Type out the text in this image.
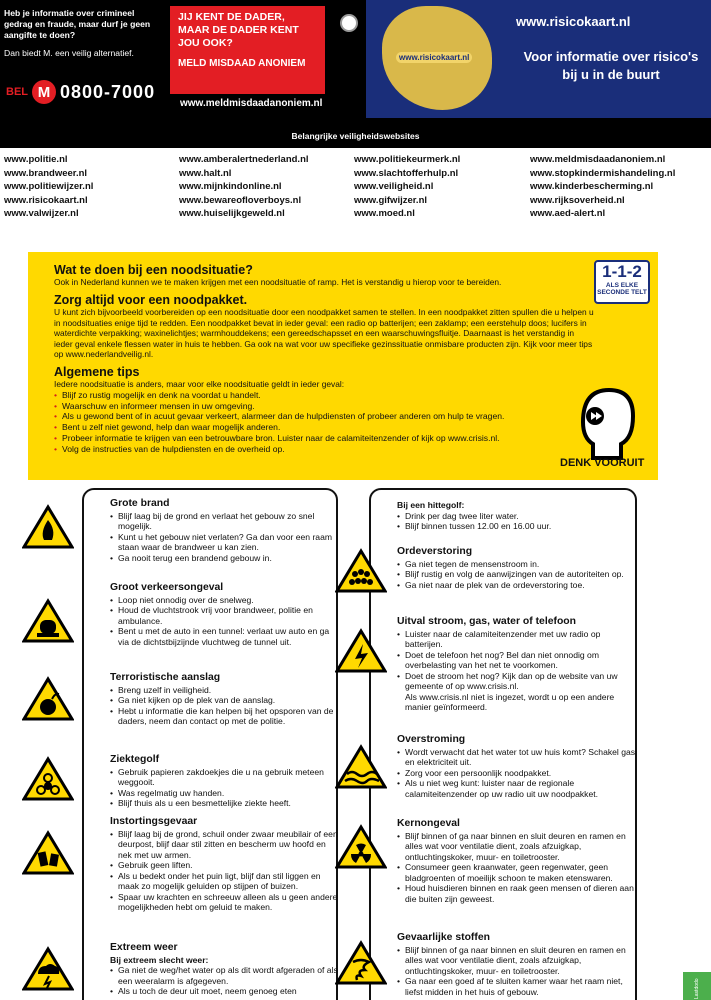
Heb je informatie over crimineel gedrag en fraude, maar durf je geen aangifte te doen?
Dan biedt M. een veilig alternatief.
BEL M 0800-7000
JIJ KENT DE DADER, MAAR DE DADER KENT JOU OOK?
MELD MISDAAD ANONIEM
www.meldmisdaadanoniem.nl
www.risicokaart.nl
www.risicokaart.nl
Voor informatie over risico's bij u in de buurt
Belangrijke veiligheidswebsites
www.politie.nl
www.brandweer.nl
www.politiewijzer.nl
www.risicokaart.nl
www.valwijzer.nl
www.amberalertnederland.nl
www.halt.nl
www.mijnkindonline.nl
www.bewareofloverboys.nl
www.huiselijkgeweld.nl
www.politiekeurmerk.nl
www.slachtofferhulp.nl
www.veiligheid.nl
www.gifwijzer.nl
www.moed.nl
www.meldmisdaadanoniem.nl
www.stopkindermishandeling.nl
www.kinderbescherming.nl
www.rijksoverheid.nl
www.aed-alert.nl
Wat te doen bij een noodsituatie?

Ook in Nederland kunnen we te maken krijgen met een noodsituatie of ramp. Het is verstandig u hierop voor te bereiden.

Zorg altijd voor een noodpakket.

U kunt zich bijvoorbeeld voorbereiden op een noodsituatie door een noodpakket samen te stellen. In een noodpakket zitten spullen die u helpen u in noodsituaties enige tijd te redden. Een noodpakket bevat in ieder geval: een radio op batterijen; een zaklamp; een eerstehulp doos; lucifers in waterdichte verpakking; waxinelichtjes; warmhouddekens; een gereedschapsset en een waarschuwingsfluitje. Daarnaast is het verstandig in ieder geval enkele flessen water in huis te hebben. Ga ook na wat voor uw specifieke gezinssituatie onmisbare producten zijn. Kijk voor meer tips op www.nederlandveilig.nl.

Algemene tips

Iedere noodsituatie is anders, maar voor elke noodsituatie geldt in ieder geval:

• Blijf zo rustig mogelijk en denk na voordat u handelt.
• Waarschuw en informeer mensen in uw omgeving.
• Als u gewond bent of in acuut gevaar verkeert, alarmeer dan de hulpdiensten of probeer anderen om hulp te vragen.
• Bent u zelf niet gewond, help dan waar mogelijk anderen.
• Probeer informatie te krijgen van een betrouwbare bron. Luister naar de calamiteitenzender of kijk op www.crisis.nl.
• Volg de instructies van de hulpdiensten en de overheid op.
1-1-2
ALS ELKE
SECONDE TELT
DENK VOORUIT
Grote brand
• Blijf laag bij de grond en verlaat het gebouw zo snel mogelijk.
• Kunt u het gebouw niet verlaten? Ga dan voor een raam staan waar de brandweer u kan zien.
• Ga nooit terug een brandend gebouw in.
Groot verkeersongeval
• Loop niet onnodig over de snelweg.
• Houd de vluchtstrook vrij voor brandweer, politie en ambulance.
• Bent u met de auto in een tunnel: verlaat uw auto en ga via de dichtstbijzijnde vluchtweg de tunnel uit.
Terroristische aanslag
• Breng uzelf in veiligheid.
• Ga niet kijken op de plek van de aanslag.
• Hebt u informatie die kan helpen bij het opsporen van de daders, neem dan contact op met de politie.
Ziektegolf
• Gebruik papieren zakdoekjes die u na gebruik meteen weggooit.
• Was regelmatig uw handen.
• Blijf thuis als u een besmettelijke ziekte heeft.
Instortingsgevaar
• Blijf laag bij de grond, schuil onder zwaar meubilair of een deurpost, blijf daar stil zitten en bescherm uw hoofd en nek met uw armen.
• Gebruik geen liften.
• Als u bedekt onder het puin ligt, blijf dan stil liggen en maak zo mogelijk geluiden op stijpen of buizen.
• Spaar uw krachten en schreeuw alleen als u geen andere mogelijkheden hebt om geluid te maken.
Extreem weer
Bij extreem slecht weer:
• Ga niet de weg/het water op als dit wordt afgeraden of als een weeralarm is afgegeven.
• Als u toch de deur uit moet, neem genoeg eten
Bij een hittegolf:
• Drink per dag twee liter water.
• Blijf binnen tussen 12.00 en 16.00 uur.
Ordeverstoring
• Ga niet tegen de mensenstroom in.
• Blijf rustig en volg de aanwijzingen van de autoriteiten op.
• Ga niet naar de plek van de ordeverstoring toe.
Uitval stroom, gas, water of telefoon
• Luister naar de calamiteitenzender met uw radio op batterijen.
• Doet de telefoon het nog? Bel dan niet onnodig om overbelasting van het net te voorkomen.
• Doet de stroom het nog? Kijk dan op de website van uw gemeente of op www.crisis.nl.
Als www.crisis.nl niet is ingezet, wordt u op een andere manier geïnformeerd.
Overstroming
• Wordt verwacht dat het water tot uw huis komt? Schakel gas en elektriciteit uit.
• Zorg voor een persoonlijk noodpakket.
• Als u niet weg kunt: luister naar de regionale calamiteitenzender op uw radio uit uw noodpakket.
Kernongeval
• Blijf binnen of ga naar binnen en sluit deuren en ramen en alles wat voor ventilatie dient, zoals afzuigkap, ontluchtingskoker, muur- en toiletrooster.
• Consumeer geen kraanwater, geen regenwater, geen bladgroenten of moeilijk schoon te maken etenswaren.
• Houd huisdieren binnen en raak geen mensen of dieren aan die buiten zijn geweest.
Gevaarlijke stoffen
• Blijf binnen of ga naar binnen en sluit deuren en ramen en alles wat voor ventilatie dient, zoals afzuigkap, ontluchtingskoker, muur- en toiletrooster.
• Ga naar een goed af te sluiten kamer waar het raam niet, liefst midden in het huis of gebouw.	Lastdodo
